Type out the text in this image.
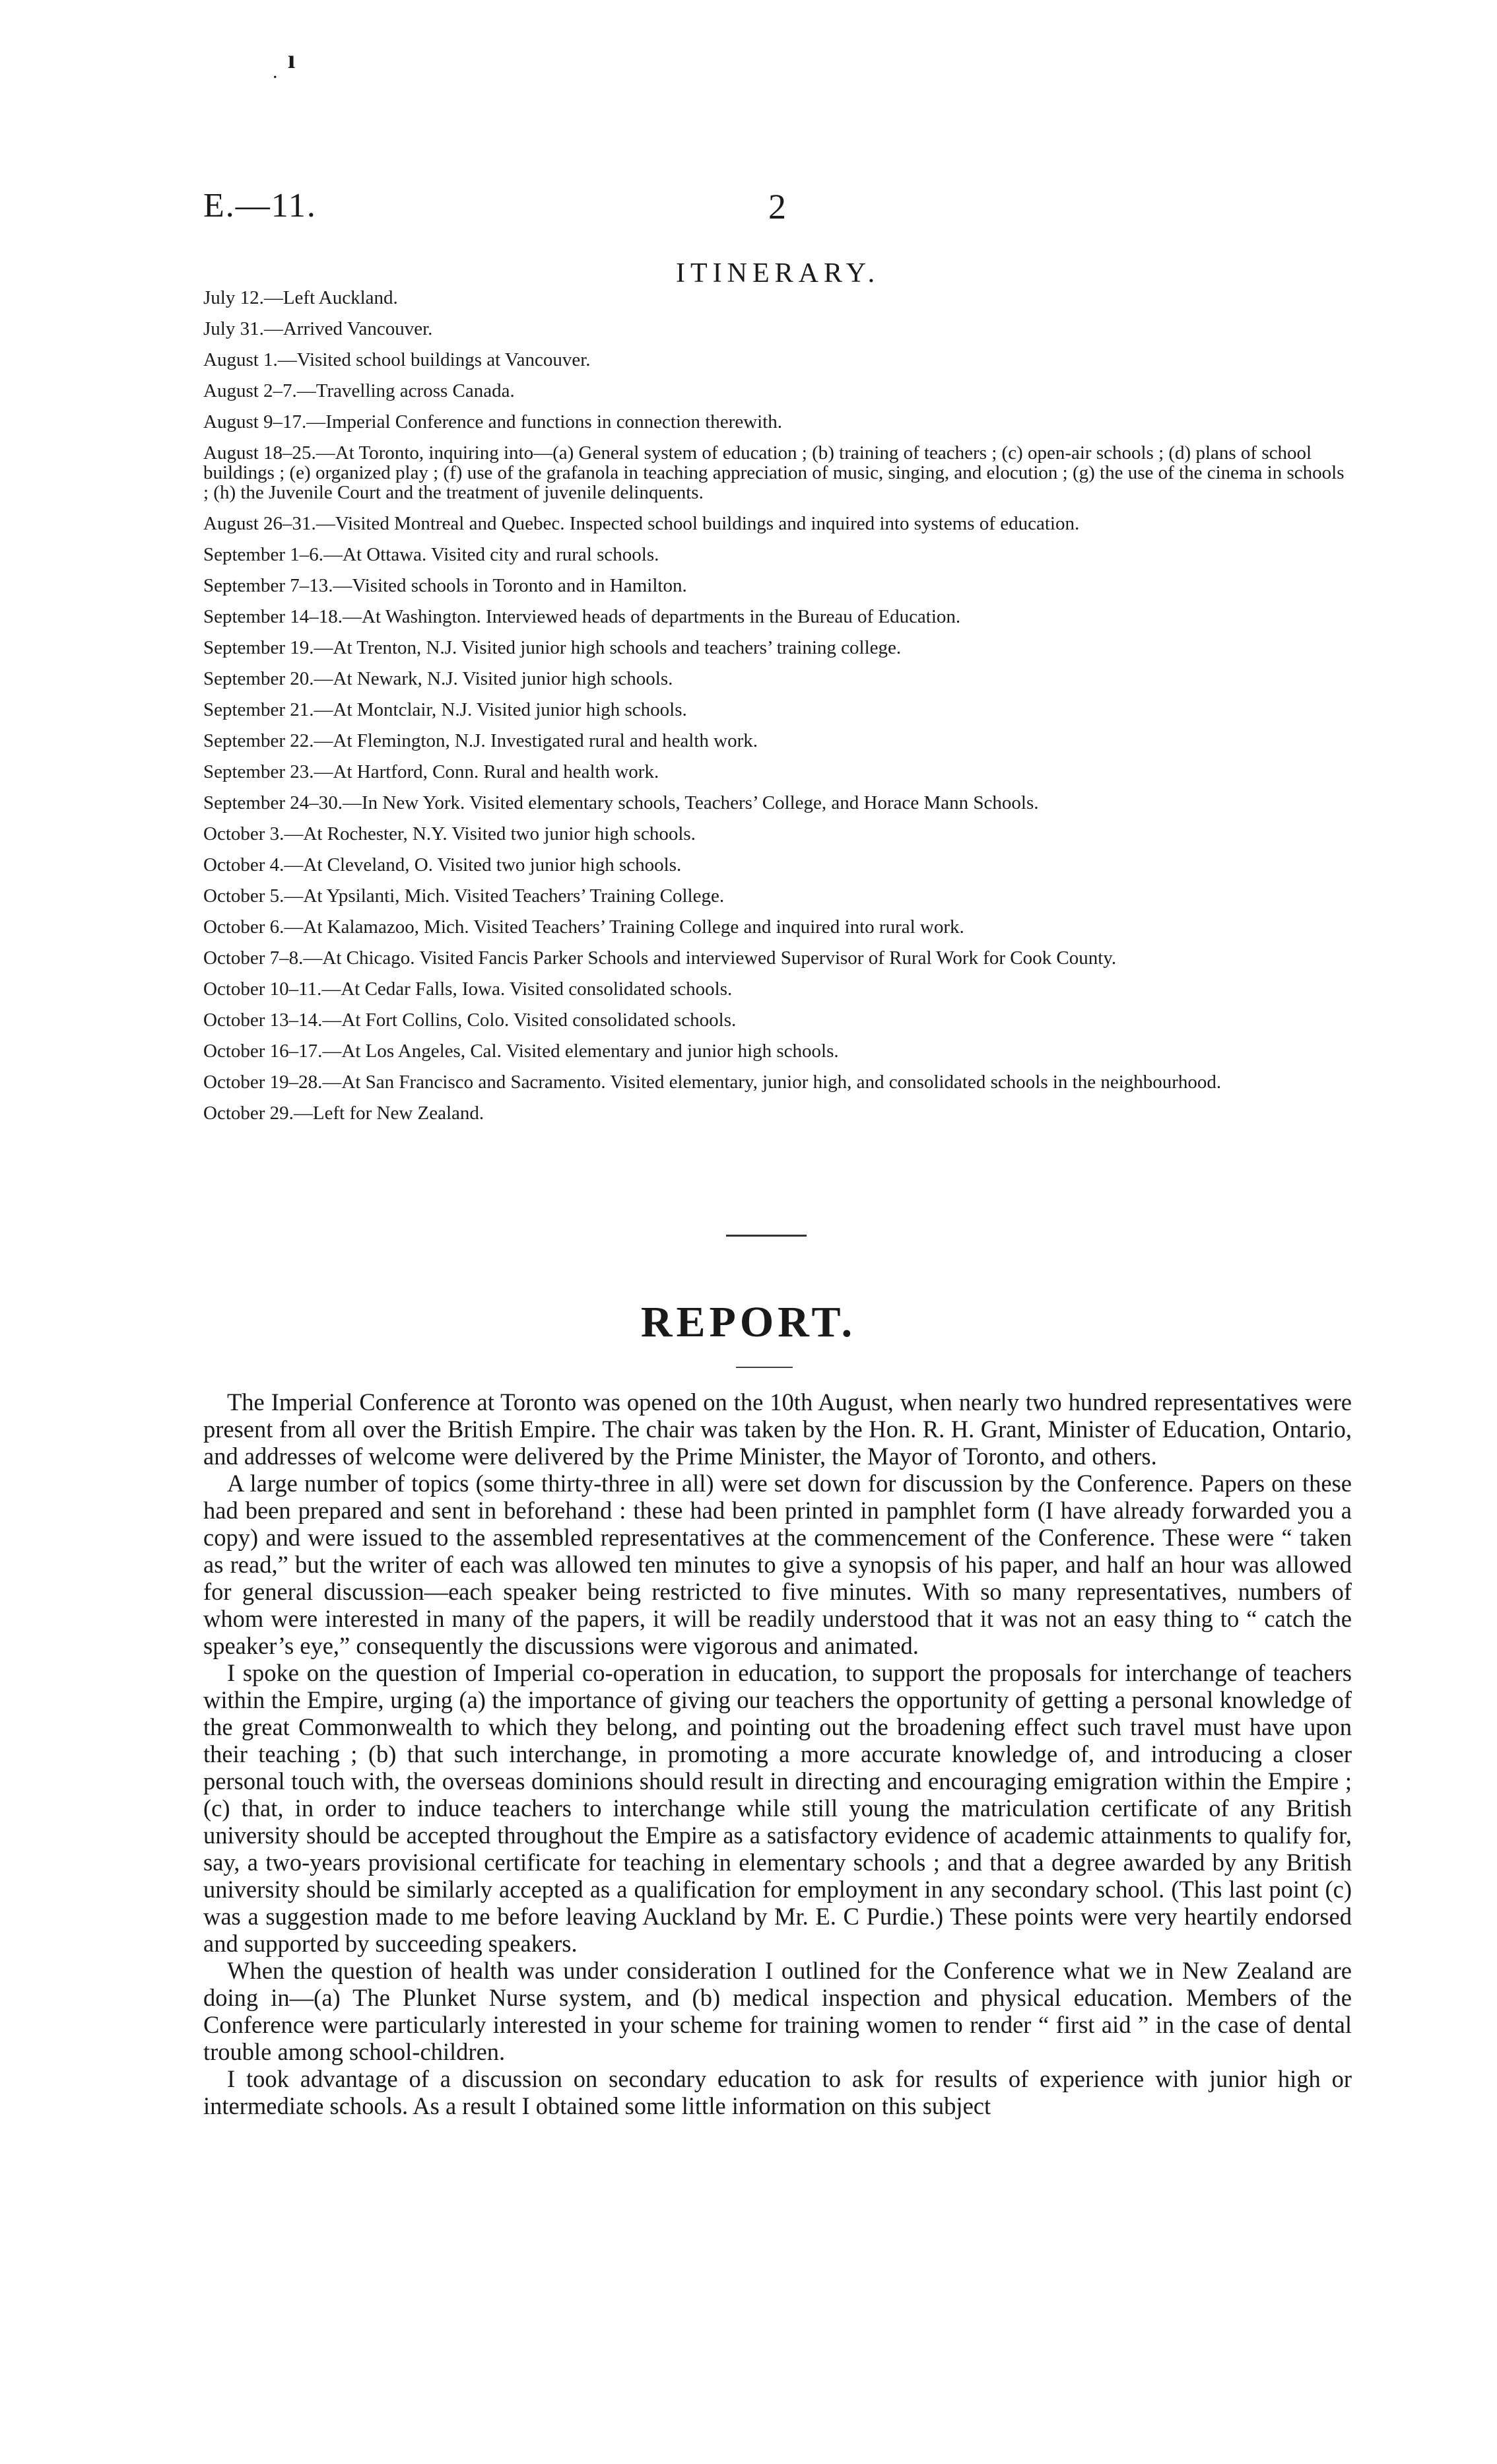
ı
.
E.—11.	2
ITINERARY.
July 12.—Left Auckland.
July 31.—Arrived Vancouver.
August 1.—Visited school buildings at Vancouver.
August 2–7.—Travelling across Canada.
August 9–17.—Imperial Conference and functions in connection therewith.
August 18–25.—At Toronto, inquiring into—(a) General system of education ; (b) training of teachers ; (c) open-air schools ; (d) plans of school buildings ; (e) organized play ; (f) use of the grafanola in teaching appreciation of music, singing, and elocution ; (g) the use of the cinema in schools ; (h) the Juvenile Court and the treatment of juvenile delinquents.
August 26–31.—Visited Montreal and Quebec. Inspected school buildings and inquired into systems of education.
September 1–6.—At Ottawa. Visited city and rural schools.
September 7–13.—Visited schools in Toronto and in Hamilton.
September 14–18.—At Washington. Interviewed heads of departments in the Bureau of Education.
September 19.—At Trenton, N.J. Visited junior high schools and teachers’ training college.
September 20.—At Newark, N.J. Visited junior high schools.
September 21.—At Montclair, N.J. Visited junior high schools.
September 22.—At Flemington, N.J. Investigated rural and health work.
September 23.—At Hartford, Conn. Rural and health work.
September 24–30.—In New York. Visited elementary schools, Teachers’ College, and Horace Mann Schools.
October 3.—At Rochester, N.Y. Visited two junior high schools.
October 4.—At Cleveland, O. Visited two junior high schools.
October 5.—At Ypsilanti, Mich. Visited Teachers’ Training College.
October 6.—At Kalamazoo, Mich. Visited Teachers’ Training College and inquired into rural work.
October 7–8.—At Chicago. Visited Fancis Parker Schools and interviewed Supervisor of Rural Work for Cook County.
October 10–11.—At Cedar Falls, Iowa. Visited consolidated schools.
October 13–14.—At Fort Collins, Colo. Visited consolidated schools.
October 16–17.—At Los Angeles, Cal. Visited elementary and junior high schools.
October 19–28.—At San Francisco and Sacramento. Visited elementary, junior high, and consolidated schools in the neighbourhood.
October 29.—Left for New Zealand.
REPORT.

The Imperial Conference at Toronto was opened on the 10th August, when nearly two hundred representatives were present from all over the British Empire. The chair was taken by the Hon. R. H. Grant, Minister of Education, Ontario, and addresses of welcome were delivered by the Prime Minister, the Mayor of Toronto, and others.

A large number of topics (some thirty-three in all) were set down for discussion by the Conference. Papers on these had been prepared and sent in beforehand : these had been printed in pamphlet form (I have already forwarded you a copy) and were issued to the assembled representatives at the commencement of the Conference. These were “ taken as read,” but the writer of each was allowed ten minutes to give a synopsis of his paper, and half an hour was allowed for general discussion—each speaker being restricted to five minutes. With so many representatives, numbers of whom were interested in many of the papers, it will be readily understood that it was not an easy thing to “ catch the speaker’s eye,” consequently the discussions were vigorous and animated.

I spoke on the question of Imperial co-operation in education, to support the proposals for interchange of teachers within the Empire, urging (a) the importance of giving our teachers the opportunity of getting a personal knowledge of the great Commonwealth to which they belong, and pointing out the broadening effect such travel must have upon their teaching ; (b) that such interchange, in promoting a more accurate knowledge of, and introducing a closer personal touch with, the overseas dominions should result in directing and encouraging emigration within the Empire ; (c) that, in order to induce teachers to interchange while still young the matriculation certificate of any British university should be accepted throughout the Empire as a satisfactory evidence of academic attainments to qualify for, say, a two-years provisional certificate for teaching in elementary schools ; and that a degree awarded by any British university should be similarly accepted as a qualification for employment in any secondary school. (This last point (c) was a suggestion made to me before leaving Auckland by Mr. E. C Purdie.) These points were very heartily endorsed and supported by succeeding speakers.

When the question of health was under consideration I outlined for the Conference what we in New Zealand are doing in—(a) The Plunket Nurse system, and (b) medical inspection and physical education. Members of the Conference were particularly interested in your scheme for training women to render “ first aid ” in the case of dental trouble among school-children.

I took advantage of a discussion on secondary education to ask for results of experience with junior high or intermediate schools. As a result I obtained some little information on this subject
